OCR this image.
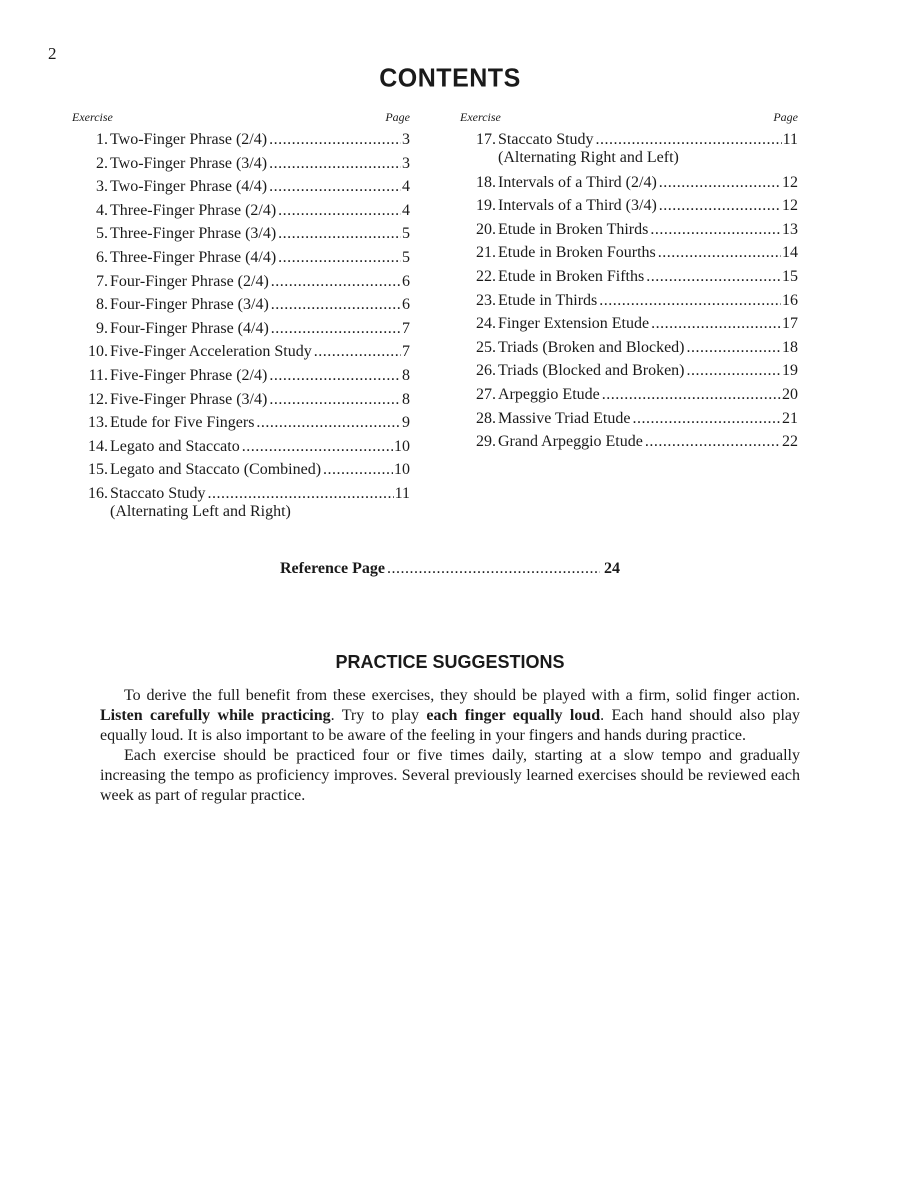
2
CONTENTS
Exercise	Page
1. Two-Finger Phrase (2/4) .....	3
2. Two-Finger Phrase (3/4) .....	3
3. Two-Finger Phrase (4/4) .....	4
4. Three-Finger Phrase (2/4) .....	4
5. Three-Finger Phrase (3/4) .....	5
6. Three-Finger Phrase (4/4) .....	5
7. Four-Finger Phrase (2/4) .....	6
8. Four-Finger Phrase (3/4) .....	6
9. Four-Finger Phrase (4/4) .....	7
10. Five-Finger Acceleration Study .....	7
11. Five-Finger Phrase (2/4) .....	8
12. Five-Finger Phrase (3/4) .....	8
13. Etude for Five Fingers .....	9
14. Legato and Staccato .....	10
15. Legato and Staccato (Combined) .....	10
16. Staccato Study .....	11
(Alternating Left and Right)
Exercise	Page
17. Staccato Study .....	11
(Alternating Right and Left)
18. Intervals of a Third (2/4) .....	12
19. Intervals of a Third (3/4) .....	12
20. Etude in Broken Thirds .....	13
21. Etude in Broken Fourths .....	14
22. Etude in Broken Fifths .....	15
23. Etude in Thirds .....	16
24. Finger Extension Etude .....	17
25. Triads (Broken and Blocked) .....	18
26. Triads (Blocked and Broken) .....	19
27. Arpeggio Etude .....	20
28. Massive Triad Etude .....	21
29. Grand Arpeggio Etude .....	22
Reference Page .....	24
PRACTICE SUGGESTIONS

To derive the full benefit from these exercises, they should be played with a firm, solid finger action. Listen carefully while practicing. Try to play each finger equally loud. Each hand should also play equally loud. It is also important to be aware of the feeling in your fingers and hands during practice.

Each exercise should be practiced four or five times daily, starting at a slow tempo and gradually increasing the tempo as proficiency improves. Several previously learned exercises should be reviewed each week as part of regular practice.
